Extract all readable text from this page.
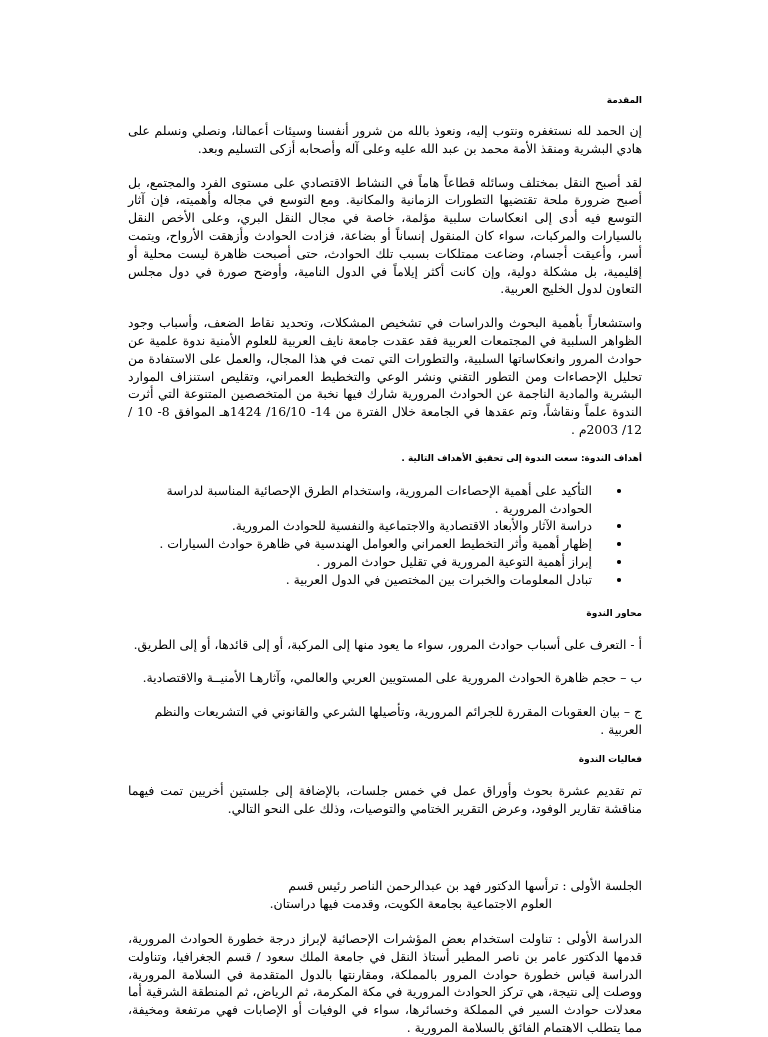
المقدمة

إن الحمد لله نستغفره ونتوب إليه، ونعوذ بالله من شرور أنفسنا وسيئات أعمالنا، ونصلي ونسلم على هادي البشرية ومنقذ الأمة محمد بن عبد الله عليه وعلى آله وأصحابه أزكى التسليم وبعد.

لقد أصبح النقل بمختلف وسائله قطاعاً هاماً في النشاط الاقتصادي على مستوى الفرد والمجتمع، بل أصبح ضرورة ملحة تقتضيها التطورات الزمانية والمكانية. ومع التوسع في مجاله وأهميته، فإن آثار التوسع فيه أدى إلى انعكاسات سلبية مؤلمة، خاصة في مجال النقل البري، وعلى الأخص النقل بالسيارات والمركبات، سواء كان المنقول إنساناً أو بضاعة، فزادت الحوادث وأزهقت الأرواح، ويتمت أسر، وأعيقت أجسام، وضاعت ممتلكات بسبب تلك الحوادث، حتى أصبحت ظاهرة ليست محلية أو إقليمية، بل مشكلة دولية، وإن كانت أكثر إيلاماً في الدول النامية، وأوضح صورة في دول مجلس التعاون لدول الخليج العربية.

واستشعاراً بأهمية البحوث والدراسات في تشخيص المشكلات، وتحديد نقاط الضعف، وأسباب وجود الظواهر السلبية في المجتمعات العربية فقد عقدت جامعة نايف العربية للعلوم الأمنية ندوة علمية عن حوادث المرور وانعكاساتها السلبية، والتطورات التي تمت في هذا المجال، والعمل على الاستفادة من تحليل الإحصاءات ومن التطور التقني ونشر الوعي والتخطيط العمراني، وتقليص استنزاف الموارد البشرية والمادية الناجمة عن الحوادث المرورية شارك فيها نخبة من المتخصصين المتنوعة التي أثرت الندوة علماً ونقاشاً، وتم عقدها في الجامعة خلال الفترة من 14- 16/10/ 1424هـ الموافق 8- 10 / 12/ 2003م .

أهداف الندوة: سعت الندوة إلى تحقيق الأهداف التالية .

• التأكيد على أهمية الإحصاءات المرورية، واستخدام الطرق الإحصائية المناسبة لدراسة الحوادث المرورية .
• دراسة الآثار والأبعاد الاقتصادية والاجتماعية والنفسية للحوادث المرورية.
• إظهار أهمية وأثر التخطيط العمراني والعوامل الهندسية في ظاهرة حوادث السيارات .
• إبراز أهمية التوعية المرورية في تقليل حوادث المرور .
• تبادل المعلومات والخبرات بين المختصين في الدول العربية .

محاور الندوة

أ - التعرف على أسباب حوادث المرور، سواء ما يعود منها إلى المركبة، أو إلى قائدها، أو إلى الطريق.

ب – حجم ظاهرة الحوادث المرورية على المستويين العربي والعالمي، وآثارهـا الأمنيــة والاقتصادية.

ج – بيان العقوبات المقررة للجرائم المرورية، وتأصيلها الشرعي والقانوني في التشريعات والنظم العربية .

فعاليات الندوة

تم تقديم عشرة بحوث وأوراق عمل في خمس جلسات، بالإضافة إلى جلستين أخريين تمت فيهما مناقشة تقارير الوفود، وعرض التقرير الختامي والتوصيات، وذلك على النحو التالي.

الجلسة الأولى : ترأسها الدكتور فهد بن عبدالرحمن الناصر رئيس قسم

العلوم الاجتماعية بجامعة الكويت، وقدمت فيها دراستان.

الدراسة الأولى : تناولت استخدام بعض المؤشرات الإحصائية لإبراز درجة خطورة الحوادث المرورية، قدمها الدكتور عامر بن ناصر المطير أستاذ النقل في جامعة الملك سعود / قسم الجغرافيا، وتناولت الدراسة قياس خطورة حوادث المرور بالمملكة، ومقارنتها بالدول المتقدمة في السلامة المرورية، ووصلت إلى نتيجة، هي تركز الحوادث المرورية في مكة المكرمة، ثم الرياض، ثم المنطقة الشرقية أما معدلات حوادث السير في المملكة وخسائرها، سواء في الوفيات أو الإصابات فهي مرتفعة ومخيفة، مما يتطلب الاهتمام الفائق بالسلامة المرورية .
